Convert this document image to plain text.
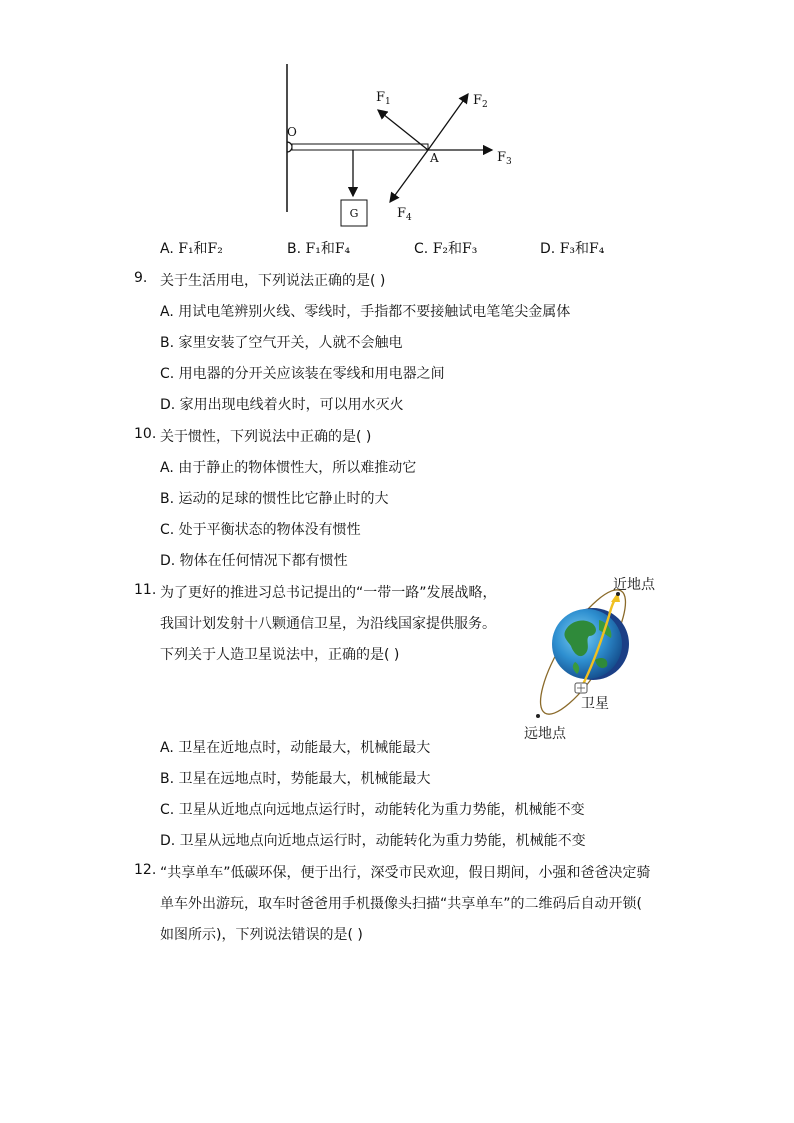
G
O
A
$F_1$	$F_2$
$F_3$
$F_4$
A. F₁和F₂	B. F₁和F₄	C. F₂和F₃	D. F₃和F₄
9. 关于生活用电，下列说法正确的是( )
A. 用试电笔辨别火线、零线时，手指都不要接触试电笔笔尖金属体
B. 家里安装了空气开关，人就不会触电
C. 用电器的分开关应该装在零线和用电器之间
D. 家用出现电线着火时，可以用水灭火
10. 关于惯性，下列说法中正确的是( )
A. 由于静止的物体惯性大，所以难推动它
B. 运动的足球的惯性比它静止时的大
C. 处于平衡状态的物体没有惯性
D. 物体在任何情况下都有惯性
11. 为了更好的推进习总书记提出的“一带一路”发展战略，
我国计划发射十八颗通信卫星，为沿线国家提供服务。
下列关于人造卫星说法中，正确的是( )
近地点
卫星
远地点
A. 卫星在近地点时，动能最大，机械能最大
B. 卫星在远地点时，势能最大，机械能最大
C. 卫星从近地点向远地点运行时，动能转化为重力势能，机械能不变
D. 卫星从远地点向近地点运行时，动能转化为重力势能，机械能不变
12. “共享单车”低碳环保，便于出行，深受市民欢迎，假日期间，小强和爸爸决定骑
单车外出游玩，取车时爸爸用手机摄像头扫描“共享单车”的二维码后自动开锁(
如图所示)，下列说法错误的是( )
